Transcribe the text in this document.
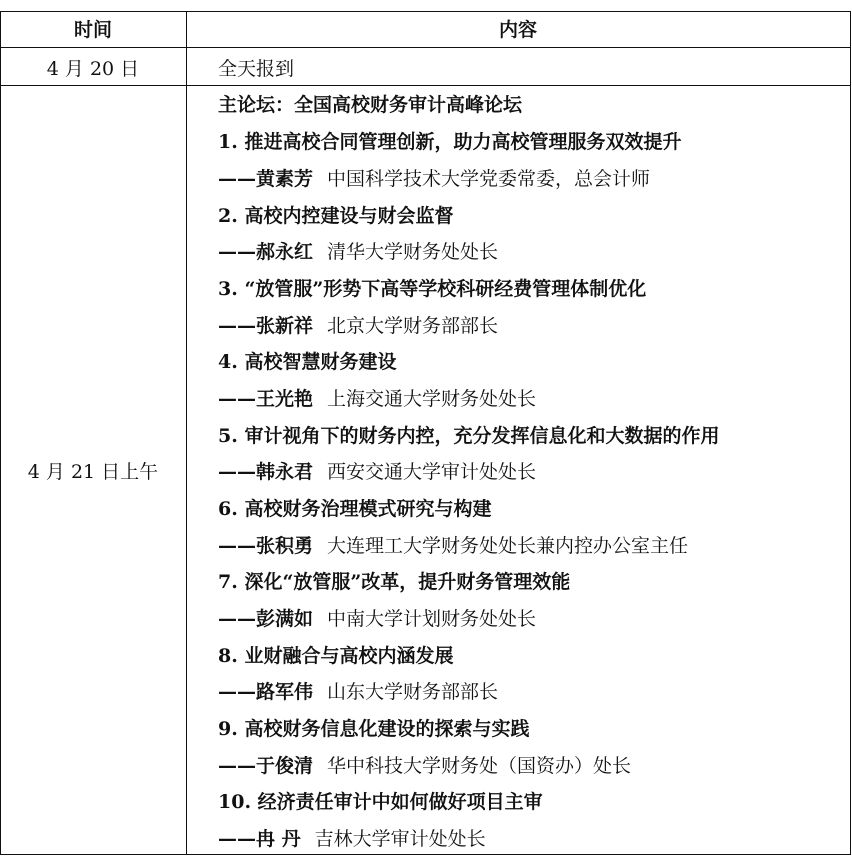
时间	内容
4 月 20 日	全天报到
4 月 21 日上午
主论坛：全国高校财务审计高峰论坛
1. 推进高校合同管理创新，助力高校管理服务双效提升
——黄素芳 中国科学技术大学党委常委，总会计师
2. 高校内控建设与财会监督
——郝永红 清华大学财务处处长
3. “放管服”形势下高等学校科研经费管理体制优化
——张新祥 北京大学财务部部长
4. 高校智慧财务建设
——王光艳 上海交通大学财务处处长
5. 审计视角下的财务内控，充分发挥信息化和大数据的作用
——韩永君 西安交通大学审计处处长
6. 高校财务治理模式研究与构建
——张积勇 大连理工大学财务处处长兼内控办公室主任
7. 深化“放管服”改革，提升财务管理效能
——彭满如 中南大学计划财务处处长
8. 业财融合与高校内涵发展
——路军伟 山东大学财务部部长
9. 高校财务信息化建设的探索与实践
——于俊清 华中科技大学财务处（国资办）处长
10. 经济责任审计中如何做好项目主审
——冉 丹 吉林大学审计处处长
